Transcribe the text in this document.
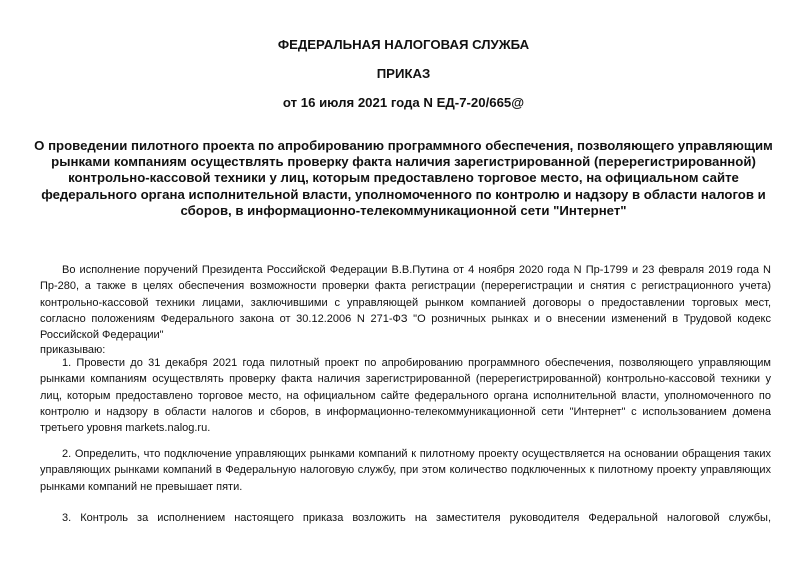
ФЕДЕРАЛЬНАЯ НАЛОГОВАЯ СЛУЖБА
ПРИКАЗ
от 16 июля 2021 года N ЕД-7-20/665@
О проведении пилотного проекта по апробированию программного обеспечения, позволяющего управляющим рынками компаниям осуществлять проверку факта наличия зарегистрированной (перерегистрированной) контрольно-кассовой техники у лиц, которым предоставлено торговое место, на официальном сайте федерального органа исполнительной власти, уполномоченного по контролю и надзору в области налогов и сборов, в информационно-телекоммуникационной сети "Интернет"
Во исполнение поручений Президента Российской Федерации В.В.Путина от 4 ноября 2020 года N Пр-1799 и 23 февраля 2019 года N Пр-280, а также в целях обеспечения возможности проверки факта регистрации (перерегистрации и снятия с регистрационного учета) контрольно-кассовой техники лицами, заключившими с управляющей рынком компанией договоры о предоставлении торговых мест, согласно положениям Федерального закона от 30.12.2006 N 271-ФЗ "О розничных рынках и о внесении изменений в Трудовой кодекс Российской Федерации"
приказываю:
1. Провести до 31 декабря 2021 года пилотный проект по апробированию программного обеспечения, позволяющего управляющим рынками компаниям осуществлять проверку факта наличия зарегистрированной (перерегистрированной) контрольно-кассовой техники у лиц, которым предоставлено торговое место, на официальном сайте федерального органа исполнительной власти, уполномоченного по контролю и надзору в области налогов и сборов, в информационно-телекоммуникационной сети "Интернет" с использованием домена третьего уровня markets.nalog.ru.
2. Определить, что подключение управляющих рынками компаний к пилотному проекту осуществляется на основании обращения таких управляющих рынками компаний в Федеральную налоговую службу, при этом количество подключенных к пилотному проекту управляющих рынками компаний не превышает пяти.
3. Контроль за исполнением настоящего приказа возложить на заместителя руководителя Федеральной налоговой службы,
